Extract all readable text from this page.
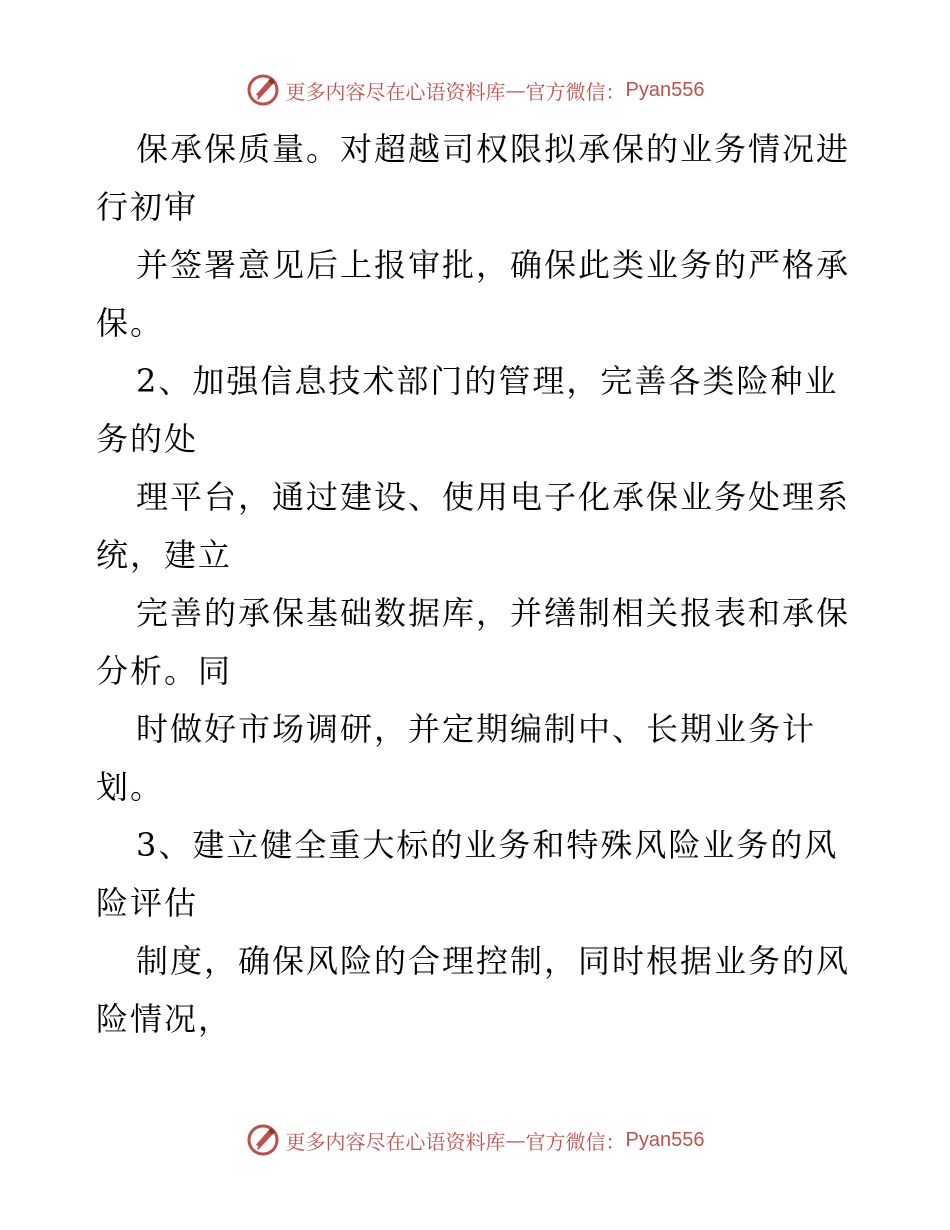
更多内容尽在心语资料库 — 官方微信： Pyan556

保承保质量。对超越司权限拟承保的业务情况进
行初审

并签署意见后上报审批，确保此类业务的严格承
保。

2、加强信息技术部门的管理，完善各类险种业
务的处

理平台，通过建设、使用电子化承保业务处理系
统，建立

完善的承保基础数据库，并缮制相关报表和承保
分析。同

时做好市场调研，并定期编制中、长期业务计
划。

3、建立健全重大标的业务和特殊风险业务的风
险评估

制度，确保风险的合理控制，同时根据业务的风
险情况，

更多内容尽在心语资料库 — 官方微信： Pyan556
